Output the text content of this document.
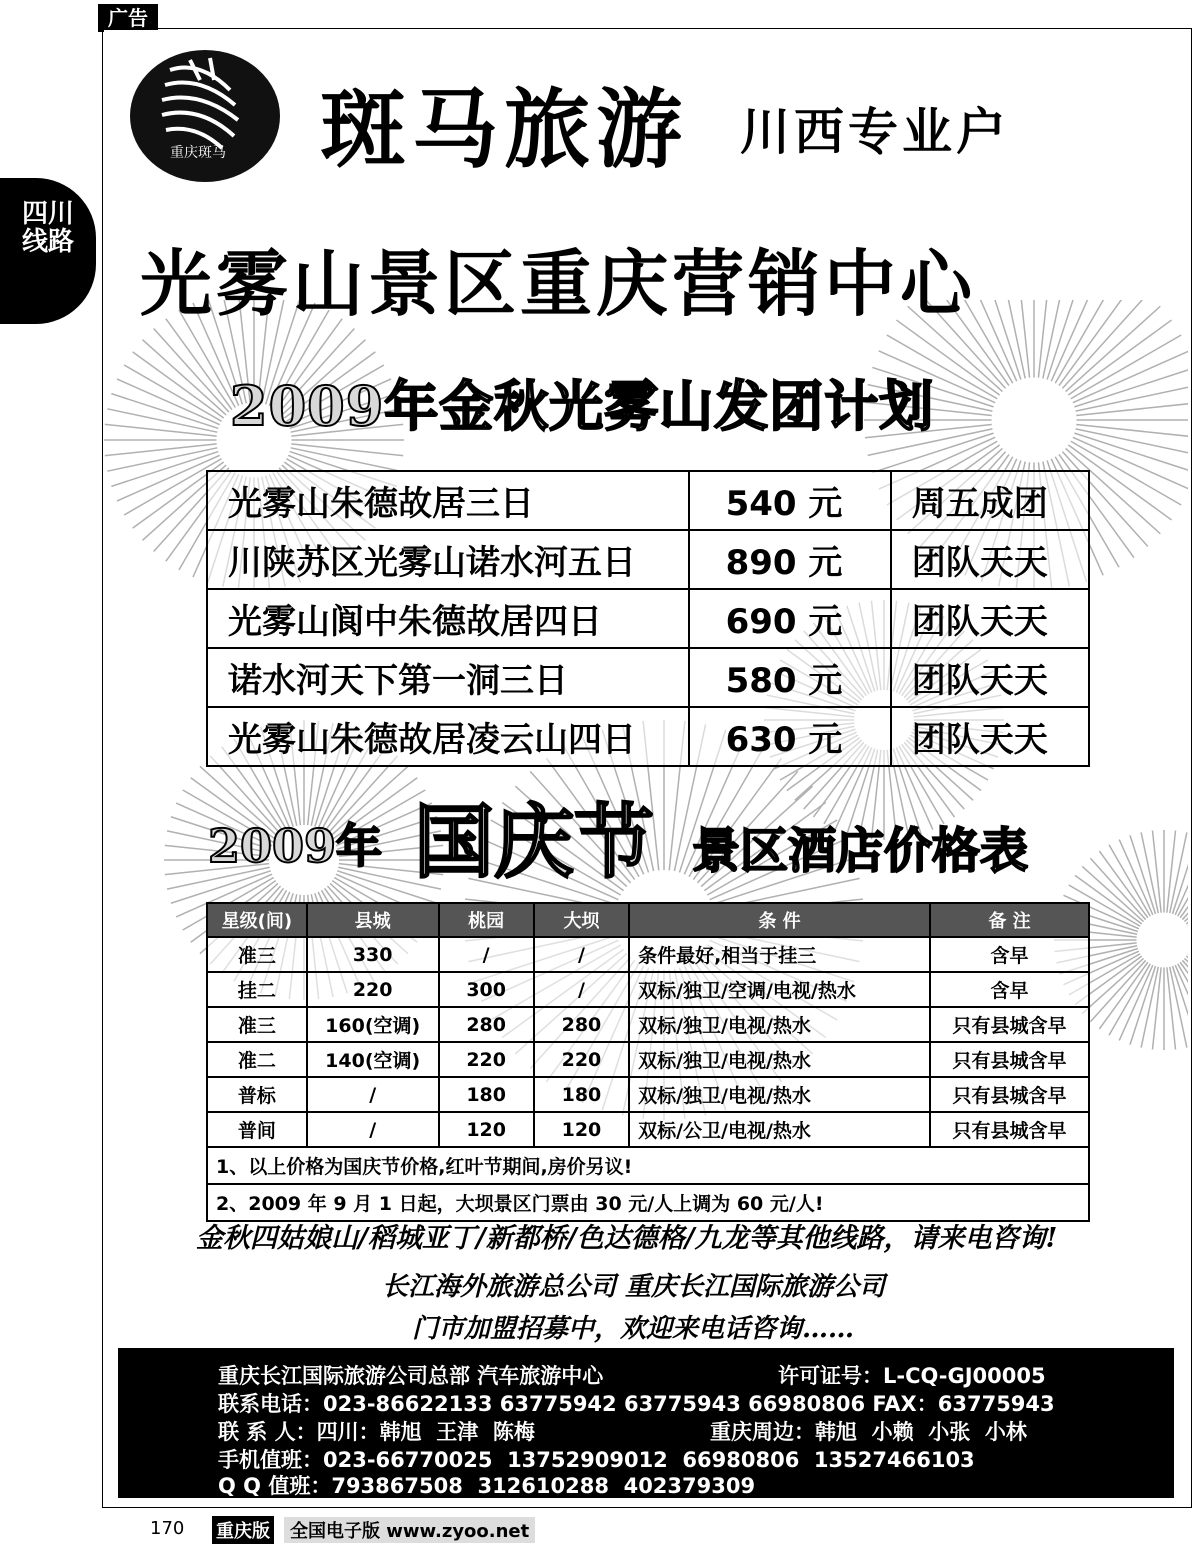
广告
重庆斑马 斑马旅游 川西专业户
四川线路 光雾山景区重庆营销中心
2009年金秋光雾山发团计划
光雾山朱德故居三日	540 元	周五成团
川陕苏区光雾山诺水河五日	890 元	团队天天
光雾山阆中朱德故居四日	690 元	团队天天
诺水河天下第一洞三日	580 元	团队天天
光雾山朱德故居凌云山四日	630 元	团队天天
2009年 国庆节 景区酒店价格表
星级(间)	县城	桃园	大坝	条 件	备 注
准三	330	/	/	条件最好,相当于挂三	含早
挂二	220	300	/	双标/独卫/空调/电视/热水	含早
准三	160(空调)	280	280	双标/独卫/电视/热水	只有县城含早
准二	140(空调)	220	220	双标/独卫/电视/热水	只有县城含早
普标	/	180	180	双标/独卫/电视/热水	只有县城含早
普间	/	120	120	双标/公卫/电视/热水	只有县城含早
1、以上价格为国庆节价格,红叶节期间,房价另议!					
2、2009 年 9 月 1 日起，大坝景区门票由 30 元/人上调为 60 元/人!					
金秋四姑娘山/稻城亚丁/新都桥/色达德格/九龙等其他线路，请来电咨询!
长江海外旅游总公司 重庆长江国际旅游公司
门市加盟招募中，欢迎来电话咨询……
重庆长江国际旅游公司总部 汽车旅游中心	许可证号：L-CQ-GJ00005
联系电话：023-86622133 63775942 63775943 66980806 FAX：63775943
联 系 人：四川：韩旭  王津  陈梅	重庆周边：韩旭  小赖  小张  小林
手机值班：023-66770025  13752909012  66980806  13527466103
Q Q 值班：793867508  312610288  402379309
170 重庆版	全国电子版 www.zyoo.net
